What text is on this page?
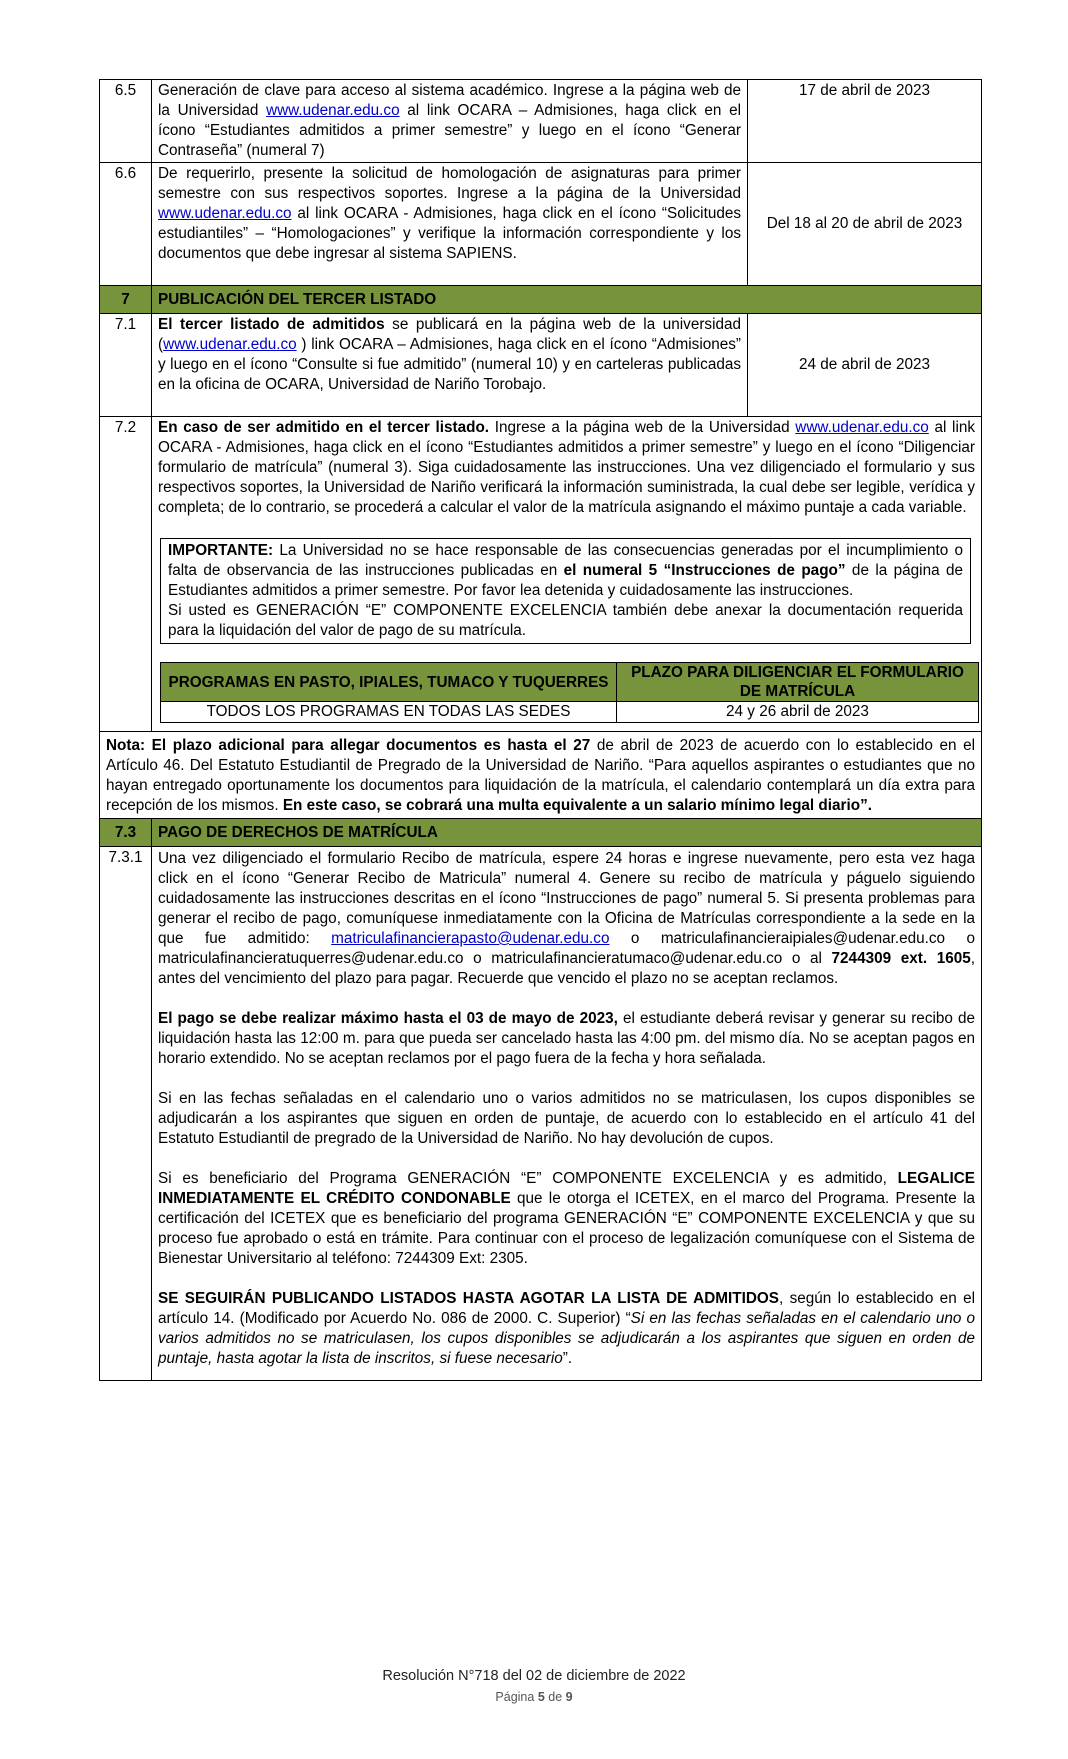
6.5	Generación de clave para acceso al sistema académico. Ingrese a la página web de la Universidad www.udenar.edu.co al link OCARA – Admisiones, haga click en el ícono “Estudiantes admitidos a primer semestre” y luego en el ícono “Generar Contraseña” (numeral 7)	17 de abril de 2023
6.6	De requerirlo, presente la solicitud de homologación de asignaturas para primer semestre con sus respectivos soportes. Ingrese a la página de la Universidad www.udenar.edu.co al link OCARA - Admisiones, haga click en el ícono “Solicitudes estudiantiles” – “Homologaciones” y verifique la información correspondiente y los documentos que debe ingresar al sistema SAPIENS.	Del 18 al 20 de abril de 2023
7	PUBLICACIÓN DEL TERCER LISTADO
7.1	El tercer listado de admitidos se publicará en la página web de la universidad (www.udenar.edu.co ) link OCARA – Admisiones, haga click en el ícono “Admisiones” y luego en el ícono “Consulte si fue admitido” (numeral 10) y en carteleras publicadas en la oficina de OCARA, Universidad de Nariño Torobajo.	24 de abril de 2023
7.2	En caso de ser admitido en el tercer listado. Ingrese a la página web de la Universidad www.udenar.edu.co al link OCARA - Admisiones, haga click en el ícono “Estudiantes admitidos a primer semestre” y luego en el ícono “Diligenciar formulario de matrícula” (numeral 3). Siga cuidadosamente las instrucciones. Una vez diligenciado el formulario y sus respectivos soportes, la Universidad de Nariño verificará la información suministrada, la cual debe ser legible, verídica y completa; de lo contrario, se procederá a calcular el valor de la matrícula asignando el máximo puntaje a cada variable.
IMPORTANTE: La Universidad no se hace responsable de las consecuencias generadas por el incumplimiento o falta de observancia de las instrucciones publicadas en el numeral 5 “Instrucciones de pago” de la página de Estudiantes admitidos a primer semestre. Por favor lea detenida y cuidadosamente las instrucciones.
Si usted es GENERACIÓN “E” COMPONENTE EXCELENCIA también debe anexar la documentación requerida para la liquidación del valor de pago de su matrícula.
PROGRAMAS EN PASTO, IPIALES, TUMACO Y TUQUERRES	PLAZO PARA DILIGENCIAR EL FORMULARIO DE MATRÍCULA
TODOS LOS PROGRAMAS EN TODAS LAS SEDES	24 y 26 abril de 2023

Nota: El plazo adicional para allegar documentos es hasta el 27 de abril de 2023 de acuerdo con lo establecido en el Artículo 46. Del Estatuto Estudiantil de Pregrado de la Universidad de Nariño. “Para aquellos aspirantes o estudiantes que no hayan entregado oportunamente los documentos para liquidación de la matrícula, el calendario contemplará un día extra para recepción de los mismos. En este caso, se cobrará una multa equivalente a un salario mínimo legal diario”.
7.3	PAGO DE DERECHOS DE MATRÍCULA
7.3.1	Una vez diligenciado el formulario Recibo de matrícula, espere 24 horas e ingrese nuevamente, pero esta vez haga click en el ícono “Generar Recibo de Matricula” numeral 4. Genere su recibo de matrícula y páguelo siguiendo cuidadosamente las instrucciones descritas en el ícono “Instrucciones de pago” numeral 5. Si presenta problemas para generar el recibo de pago, comuníquese inmediatamente con la Oficina de Matrículas correspondiente a la sede en la que fue admitido: matriculafinancierapasto@udenar.edu.co o matriculafinancieraipiales@udenar.edu.co o matriculafinancieratuquerres@udenar.edu.co o matriculafinancieratumaco@udenar.edu.co o al 7244309 ext. 1605, antes del vencimiento del plazo para pagar. Recuerde que vencido el plazo no se aceptan reclamos.

El pago se debe realizar máximo hasta el 03 de mayo de 2023, el estudiante deberá revisar y generar su recibo de liquidación hasta las 12:00 m. para que pueda ser cancelado hasta las 4:00 pm. del mismo día. No se aceptan pagos en horario extendido. No se aceptan reclamos por el pago fuera de la fecha y hora señalada.

Si en las fechas señaladas en el calendario uno o varios admitidos no se matriculasen, los cupos disponibles se adjudicarán a los aspirantes que siguen en orden de puntaje, de acuerdo con lo establecido en el artículo 41 del Estatuto Estudiantil de pregrado de la Universidad de Nariño. No hay devolución de cupos.

Si es beneficiario del Programa GENERACIÓN “E” COMPONENTE EXCELENCIA y es admitido, LEGALICE INMEDIATAMENTE EL CRÉDITO CONDONABLE que le otorga el ICETEX, en el marco del Programa. Presente la certificación del ICETEX que es beneficiario del programa GENERACIÓN “E” COMPONENTE EXCELENCIA y que su proceso fue aprobado o está en trámite. Para continuar con el proceso de legalización comuníquese con el Sistema de Bienestar Universitario al teléfono: 7244309 Ext: 2305.

SE SEGUIRÁN PUBLICANDO LISTADOS HASTA AGOTAR LA LISTA DE ADMITIDOS, según lo establecido en el artículo 14. (Modificado por Acuerdo No. 086 de 2000. C. Superior) “Si en las fechas señaladas en el calendario uno o varios admitidos no se matriculasen, los cupos disponibles se adjudicarán a los aspirantes que siguen en orden de puntaje, hasta agotar la lista de inscritos, si fuese necesario”.

Resolución N°718 del 02 de diciembre de 2022
Página 5 de 9
